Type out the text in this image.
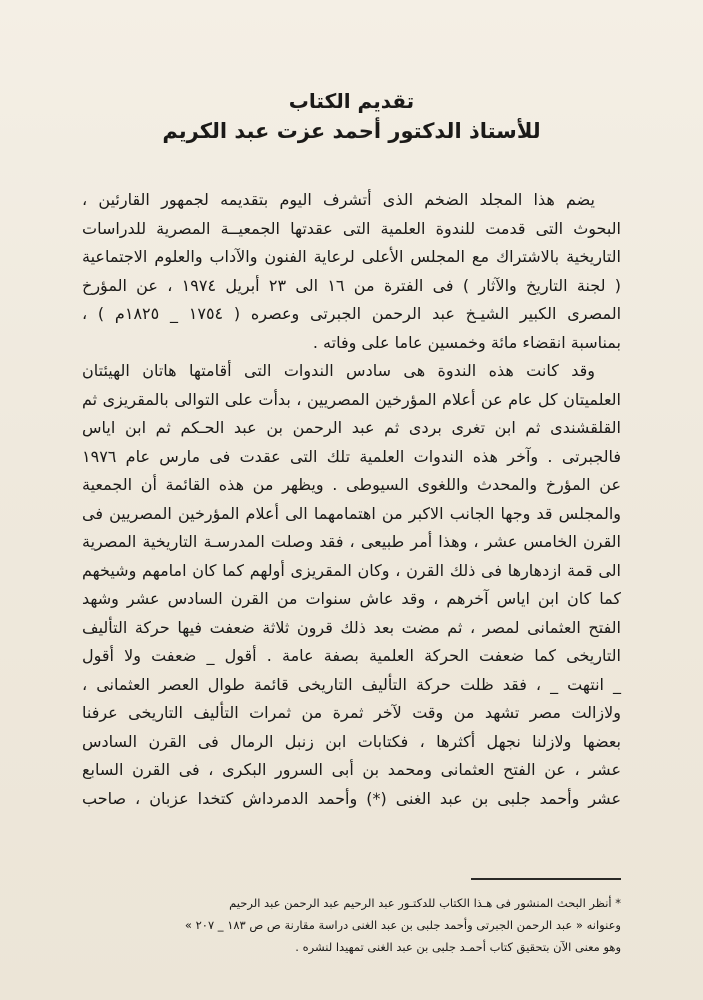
تقديم الكتاب
للأستاذ الدكتور أحمد عزت عبد الكريم

يضم هذا المجلد الضخم الذى أتشرف اليوم بتقديمه لجمهور القارئين ،
البحوث التى قدمت للندوة العلمية التى عقدتها الجمعيــة المصرية للدراسات
التاريخية بالاشتراك مع المجلس الأعلى لرعاية الفنون والآداب والعلوم الاجتماعية
( لجنة التاريخ والآثار ) فى الفترة من ١٦ الى ٢٣ أبريل ١٩٧٤ ، عن المؤرخ
المصرى الكبير الشيـخ عبد الرحمن الجبرتى وعصره ( ١٧٥٤ _ ١٨٢٥م ) ،
بمناسبة انقضاء مائة وخمسين عاما على وفاته .

وقد كانت هذه الندوة هى سادس الندوات التى أقامتها هاتان الهيئتان
العلميتان كل عام عن أعلام المؤرخين المصريين ، بدأت على التوالى بالمقريزى ثم
القلقشندى ثم ابن تغرى بردى ثم عبد الرحمن بن عبد الحـكم ثم ابن اياس
فالجبرتى . وآخر هذه الندوات العلمية تلك التى عقدت فى مارس عام ١٩٧٦
عن المؤرخ والمحدث واللغوى السيوطى . ويظهر من هذه القائمة أن الجمعية
والمجلس قد وجها الجانب الاكبر من اهتمامهما الى أعلام المؤرخين المصريين فى
القرن الخامس عشر ، وهذا أمر طبيعى ، فقد وصلت المدرسـة التاريخية المصرية
الى قمة ازدهارها فى ذلك القرن ، وكان المقريزى أولهم كما كان امامهم وشيخهم
كما كان ابن اياس آخرهم ، وقد عاش سنوات من القرن السادس عشر وشهد
الفتح العثمانى لمصر ، ثم مضت بعد ذلك قرون ثلاثة ضعفت فيها حركة التأليف
التاريخى كما ضعفت الحركة العلمية بصفة عامة . أقول _ ضعفت ولا أقول
_ انتهت _ ، فقد ظلت حركة التأليف التاريخى قائمة طوال العصر العثمانى ،
ولازالت مصر تشهد من وقت لآخر ثمرة من ثمرات التأليف التاريخى عرفنا
بعضها ولازلنا نجهل أكثرها ، فكتابات ابن زنبل الرمال فى القرن السادس
عشر ، عن الفتح العثمانى ومحمد بن أبى السرور البكرى ، فى القرن السابع
عشر وأحمد جلبى بن عبد الغنى (*) وأحمد الدمرداش كتخدا عزبان ، صاحب

* أنظر البحث المنشور فى هـذا الكتاب للدكتـور عبد الرحيم عبد الرحمن عبد الرحيم
وعنوانه « عبد الرحمن الجبرتى وأحمد جلبى بن عبد الغنى دراسة مقارنة ص ص ١٨٣ _ ٢٠٧ »
وهو معنى الآن بتحقيق كتاب أحمـد جلبى بن عبد الغنى تمهيدا لنشره .
